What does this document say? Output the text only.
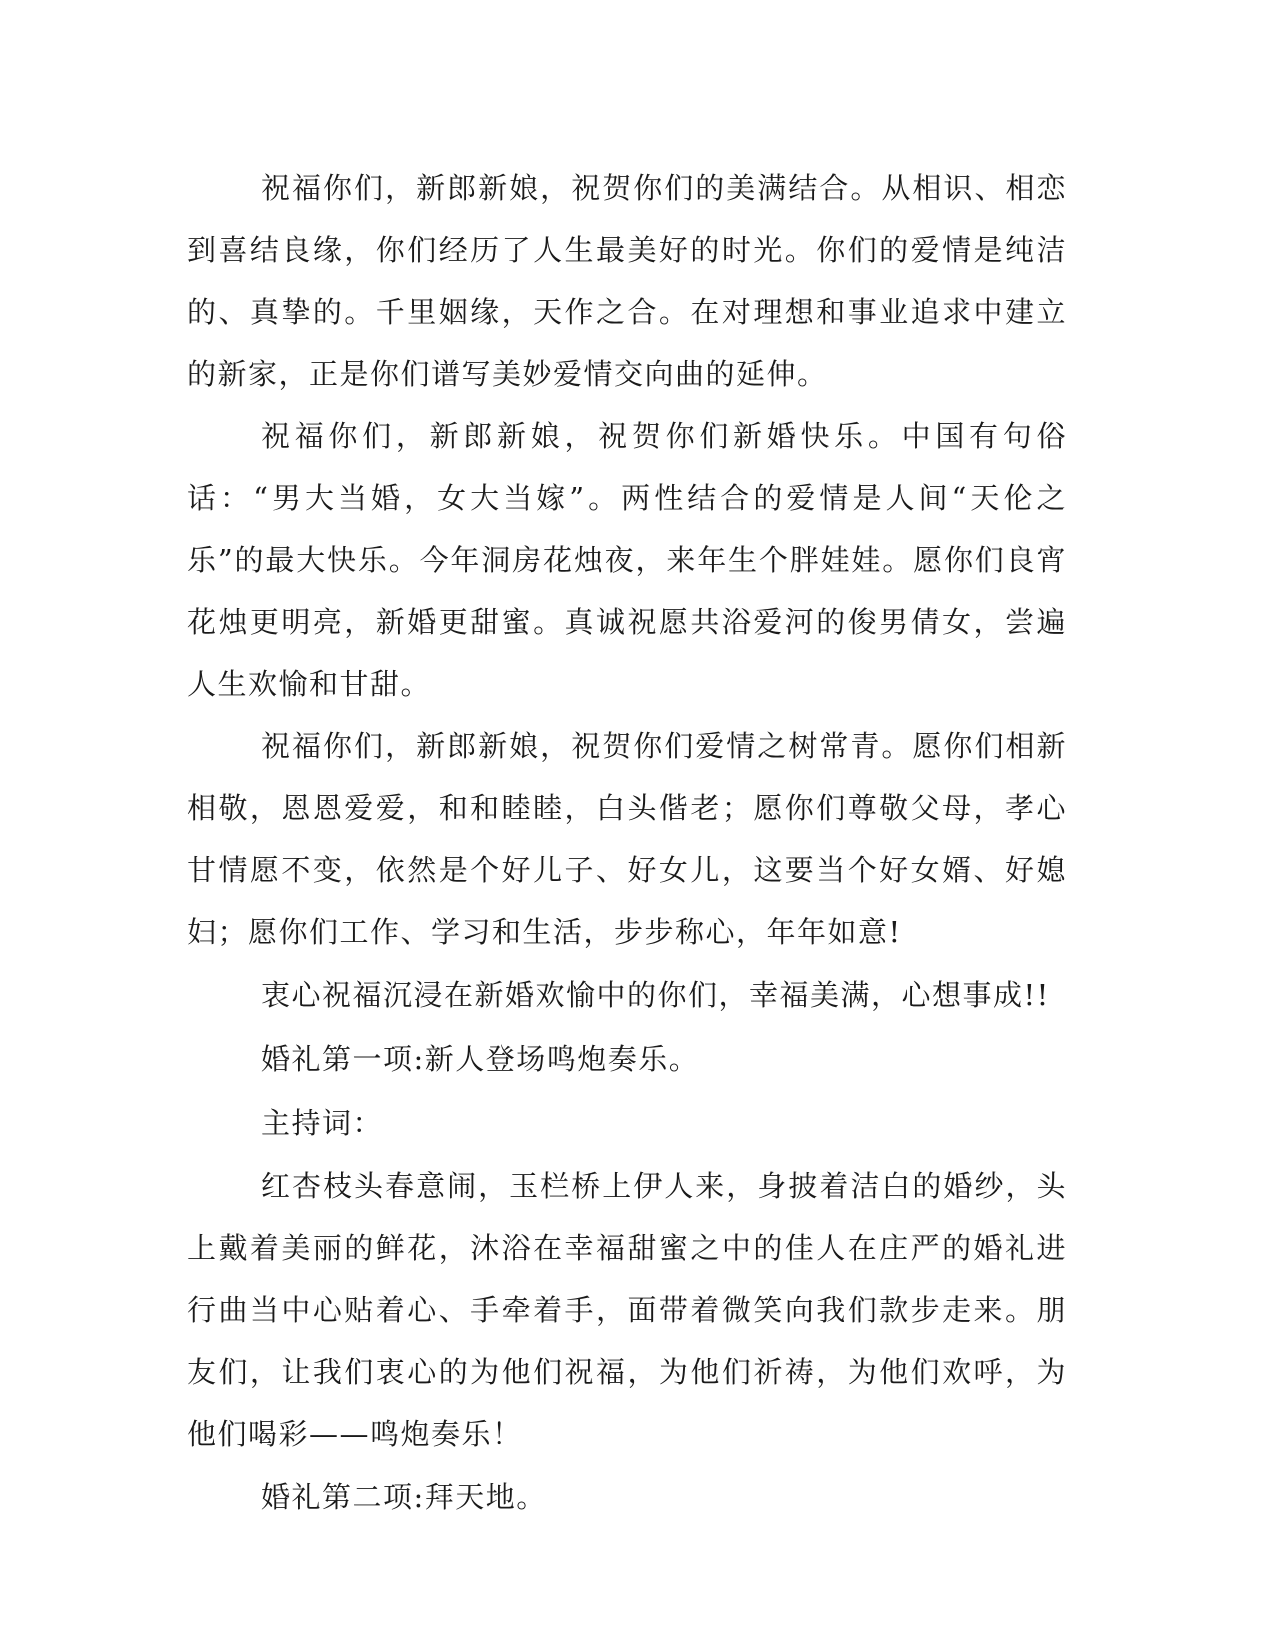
祝福你们，新郎新娘，祝贺你们的美满结合。从相识、相恋到喜结良缘，你们经历了人生最美好的时光。你们的爱情是纯洁的、真挚的。千里姻缘，天作之合。在对理想和事业追求中建立的新家，正是你们谱写美妙爱情交向曲的延伸。

祝福你们，新郎新娘，祝贺你们新婚快乐。中国有句俗话：“男大当婚，女大当嫁”。两性结合的爱情是人间“天伦之乐”的最大快乐。今年洞房花烛夜，来年生个胖娃娃。愿你们良宵花烛更明亮，新婚更甜蜜。真诚祝愿共浴爱河的俊男倩女，尝遍人生欢愉和甘甜。

祝福你们，新郎新娘，祝贺你们爱情之树常青。愿你们相新相敬，恩恩爱爱，和和睦睦，白头偕老；愿你们尊敬父母，孝心甘情愿不变，依然是个好儿子、好女儿，这要当个好女婿、好媳妇；愿你们工作、学习和生活，步步称心，年年如意!

衷心祝福沉浸在新婚欢愉中的你们，幸福美满，心想事成!!

婚礼第一项:新人登场鸣炮奏乐。

主持词：

红杏枝头春意闹，玉栏桥上伊人来，身披着洁白的婚纱，头上戴着美丽的鲜花，沐浴在幸福甜蜜之中的佳人在庄严的婚礼进行曲当中心贴着心、手牵着手，面带着微笑向我们款步走来。朋友们，让我们衷心的为他们祝福，为他们祈祷，为他们欢呼，为他们喝彩——鸣炮奏乐！

婚礼第二项:拜天地。
